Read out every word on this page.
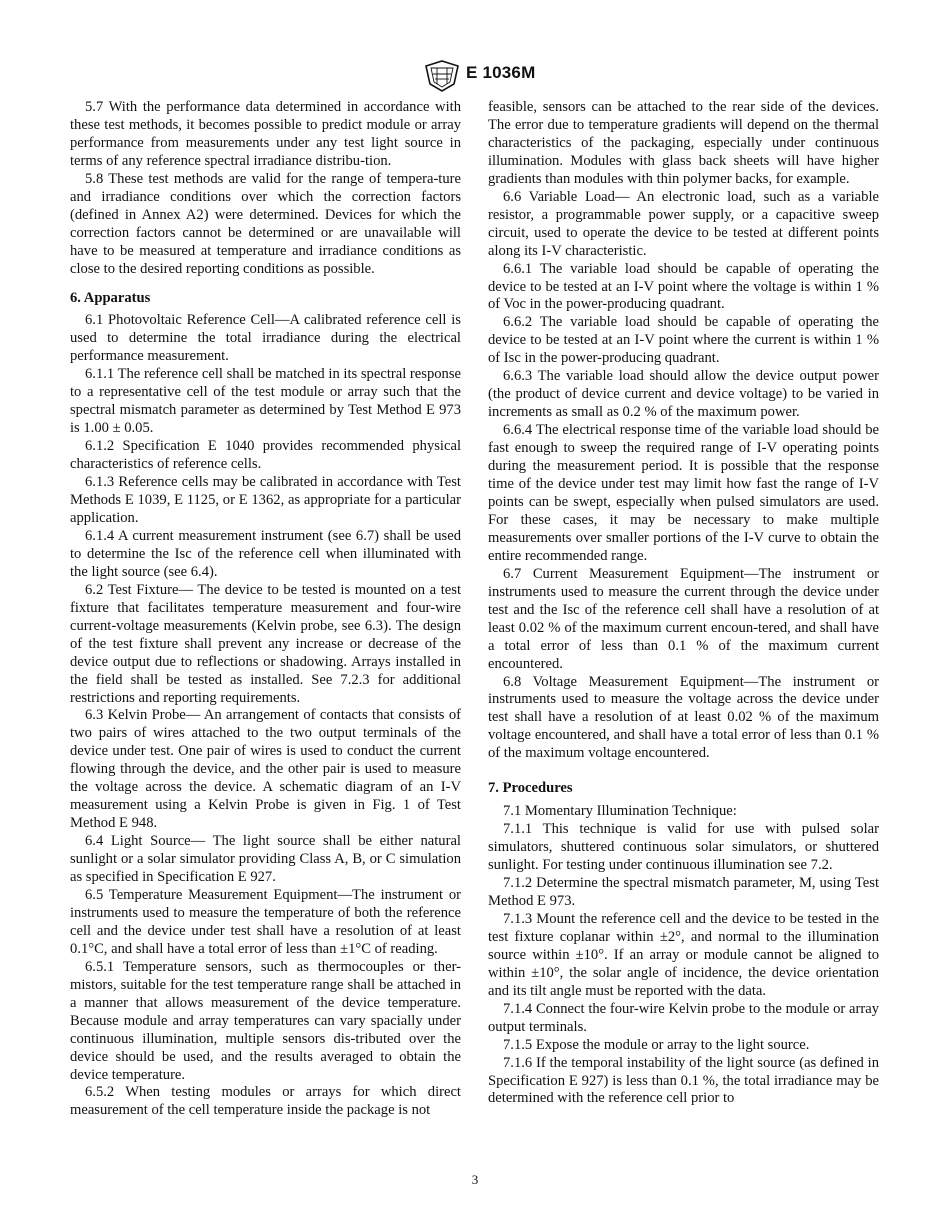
E 1036M

5.7 With the performance data determined in accordance with these test methods, it becomes possible to predict module or array performance from measurements under any test light source in terms of any reference spectral irradiance distribu-tion.

5.8 These test methods are valid for the range of tempera-ture and irradiance conditions over which the correction factors (defined in Annex A2) were determined. Devices for which the correction factors cannot be determined or are unavailable will have to be measured at temperature and irradiance conditions as close to the desired reporting conditions as possible.

6. Apparatus

6.1 Photovoltaic Reference Cell—A calibrated reference cell is used to determine the total irradiance during the electrical performance measurement.

6.1.1 The reference cell shall be matched in its spectral response to a representative cell of the test module or array such that the spectral mismatch parameter as determined by Test Method E 973 is 1.00 ± 0.05.

6.1.2 Specification E 1040 provides recommended physical characteristics of reference cells.

6.1.3 Reference cells may be calibrated in accordance with Test Methods E 1039, E 1125, or E 1362, as appropriate for a particular application.

6.1.4 A current measurement instrument (see 6.7) shall be used to determine the Isc of the reference cell when illuminated with the light source (see 6.4).

6.2 Test Fixture— The device to be tested is mounted on a test fixture that facilitates temperature measurement and four-wire current-voltage measurements (Kelvin probe, see 6.3). The design of the test fixture shall prevent any increase or decrease of the device output due to reflections or shadowing. Arrays installed in the field shall be tested as installed. See 7.2.3 for additional restrictions and reporting requirements.

6.3 Kelvin Probe— An arrangement of contacts that consists of two pairs of wires attached to the two output terminals of the device under test. One pair of wires is used to conduct the current flowing through the device, and the other pair is used to measure the voltage across the device. A schematic diagram of an I-V measurement using a Kelvin Probe is given in Fig. 1 of Test Method E 948.

6.4 Light Source— The light source shall be either natural sunlight or a solar simulator providing Class A, B, or C simulation as specified in Specification E 927.

6.5 Temperature Measurement Equipment—The instrument or instruments used to measure the temperature of both the reference cell and the device under test shall have a resolution of at least 0.1°C, and shall have a total error of less than ±1°C of reading.

6.5.1 Temperature sensors, such as thermocouples or ther-mistors, suitable for the test temperature range shall be attached in a manner that allows measurement of the device temperature. Because module and array temperatures can vary spacially under continuous illumination, multiple sensors dis-tributed over the device should be used, and the results averaged to obtain the device temperature.

6.5.2 When testing modules or arrays for which direct measurement of the cell temperature inside the package is not

feasible, sensors can be attached to the rear side of the devices. The error due to temperature gradients will depend on the thermal characteristics of the packaging, especially under continuous illumination. Modules with glass back sheets will have higher gradients than modules with thin polymer backs, for example.

6.6 Variable Load— An electronic load, such as a variable resistor, a programmable power supply, or a capacitive sweep circuit, used to operate the device to be tested at different points along its I-V characteristic.

6.6.1 The variable load should be capable of operating the device to be tested at an I-V point where the voltage is within 1 % of Voc in the power-producing quadrant.

6.6.2 The variable load should be capable of operating the device to be tested at an I-V point where the current is within 1 % of Isc in the power-producing quadrant.

6.6.3 The variable load should allow the device output power (the product of device current and device voltage) to be varied in increments as small as 0.2 % of the maximum power.

6.6.4 The electrical response time of the variable load should be fast enough to sweep the required range of I-V operating points during the measurement period. It is possible that the response time of the device under test may limit how fast the range of I-V points can be swept, especially when pulsed simulators are used. For these cases, it may be necessary to make multiple measurements over smaller portions of the I-V curve to obtain the entire recommended range.

6.7 Current Measurement Equipment—The instrument or instruments used to measure the current through the device under test and the Isc of the reference cell shall have a resolution of at least 0.02 % of the maximum current encoun-tered, and shall have a total error of less than 0.1 % of the maximum current encountered.

6.8 Voltage Measurement Equipment—The instrument or instruments used to measure the voltage across the device under test shall have a resolution of at least 0.02 % of the maximum voltage encountered, and shall have a total error of less than 0.1 % of the maximum voltage encountered.

7. Procedures

7.1 Momentary Illumination Technique:

7.1.1 This technique is valid for use with pulsed solar simulators, shuttered continuous solar simulators, or shuttered sunlight. For testing under continuous illumination see 7.2.

7.1.2 Determine the spectral mismatch parameter, M, using Test Method E 973.

7.1.3 Mount the reference cell and the device to be tested in the test fixture coplanar within ±2°, and normal to the illumination source within ±10°. If an array or module cannot be aligned to within ±10°, the solar angle of incidence, the device orientation and its tilt angle must be reported with the data.

7.1.4 Connect the four-wire Kelvin probe to the module or array output terminals.

7.1.5 Expose the module or array to the light source.

7.1.6 If the temporal instability of the light source (as defined in Specification E 927) is less than 0.1 %, the total irradiance may be determined with the reference cell prior to

3
